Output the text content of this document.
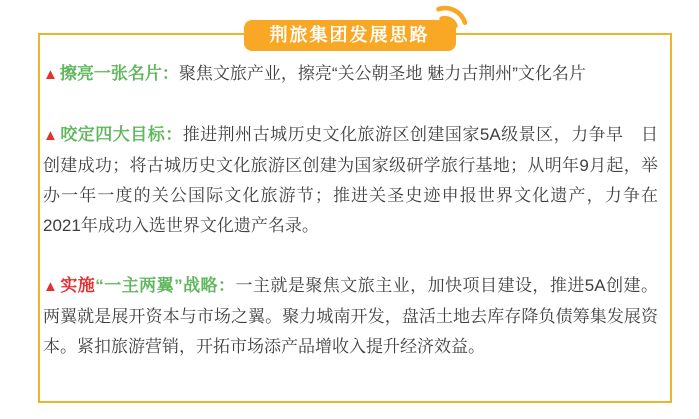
荆旅集团发展思路
▲ 擦亮一张名片：聚焦文旅产业，擦亮“关公朝圣地 魅力古荆州”文化名片
▲ 咬定四大目标：推进荆州古城历史文化旅游区创建国家5A级景区，力争早　日创建成功；将古城历史文化旅游区创建为国家级研学旅行基地；从明年9月起，举办一年一度的关公国际文化旅游节；推进关圣史迹申报世界文化遗产，力争在2021年成功入选世界文化遗产名录。
▲ 实施“一主两翼”战略：一主就是聚焦文旅主业，加快项目建设，推进5A创建。两翼就是展开资本与市场之翼。聚力城南开发，盘活土地去库存降负债筹集发展资本。紧扣旅游营销，开拓市场添产品增收入提升经济效益。
